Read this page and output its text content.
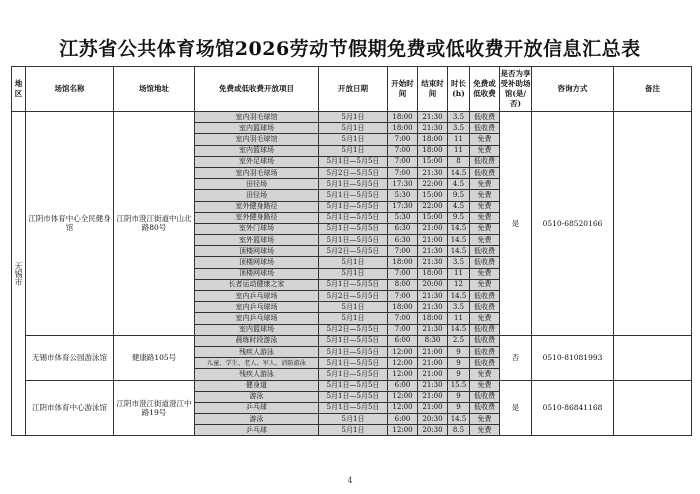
江苏省公共体育场馆2026劳动节假期免费或低收费开放信息汇总表
地区	场馆名称	场馆地址	免费或低收费开放项目	开放日期	开始时间	结束时间	时长(h)	免费或低收费	是否为享受补助场馆(是/否)	咨询方式	备注
无锡市	江阴市体育中心全民健身馆	江阴市澄江街道中山北路80号	室内羽毛球馆	5月1日	18:00	21:30	3.5	低收费	是	0510-68520166	
			室内篮球场	5月1日	18:00	21:30	3.5	低收费			
			室内羽毛球馆	5月1日	7:00	18:00	11	免费			
			室内篮球场	5月1日	7:00	18:00	11	免费			
			室外足球场	5月1日—5月5日	7:00	15:00	8	低收费			
			室内羽毛球场	5月2日—5月5日	7:00	21:30	14.5	低收费			
			田径场	5月1日—5月5日	17:30	22:00	4.5	免费			
			田径场	5月1日—5月5日	5:30	15:00	9.5	免费			
			室外健身路径	5月1日—5月5日	17:30	22:00	4.5	免费			
			室外健身路径	5月1日—5月5日	5:30	15:00	9.5	免费			
			室外门球场	5月1日—5月5日	6:30	21:00	14.5	免费			
			室外篮球场	5月1日—5月5日	6:30	21:00	14.5	免费			
			顶楼网球场	5月2日—5月5日	7:00	21:30	14.5	低收费			
			顶楼网球场	5月1日	18:00	21:30	3.5	低收费			
			顶楼网球场	5月1日	7:00	18:00	11	免费			
			长者运动健康之家	5月1日—5月5日	8:00	20:00	12	免费			
			室内乒乓球场	5月2日—5月5日	7:00	21:30	14.5	低收费			
			室内乒乓球场	5月1日	18:00	21:30	3.5	低收费			
			室内乒乓球场	5月1日	7:00	18:00	11	免费			
			室内篮球场	5月2日—5月5日	7:00	21:30	14.5	低收费			
	无锡市体育公园游泳馆	健康路105号	晨练时段游泳	5月1日—5月5日	6:00	8:30	2.5	低收费	否	0510-81081993	
			残疾人游泳	5月1日—5月5日	12:00	21:00	9	低收费			
			儿童、学生、老人、军人、消防游泳	5月1日—5月5日	12:00	21:00	9	低收费			
			残疾人游泳	5月1日—5月5日	12:00	21:00	9	免费			
	江阴市体育中心游泳馆	江阴市澄江街道澄江中路19号	健身道	5月1日—5月5日	6:00	21:30	15.5	免费	是	0510-86841168	
			游泳	5月1日—5月5日	12:00	21:00	9	低收费			
			乒乓球	5月1日—5月5日	12:00	21:00	9	低收费			
			游泳	5月1日	6:00	20:30	14.5	免费			
			乒乓球	5月1日	12:00	20:30	8.5	免费			
4
